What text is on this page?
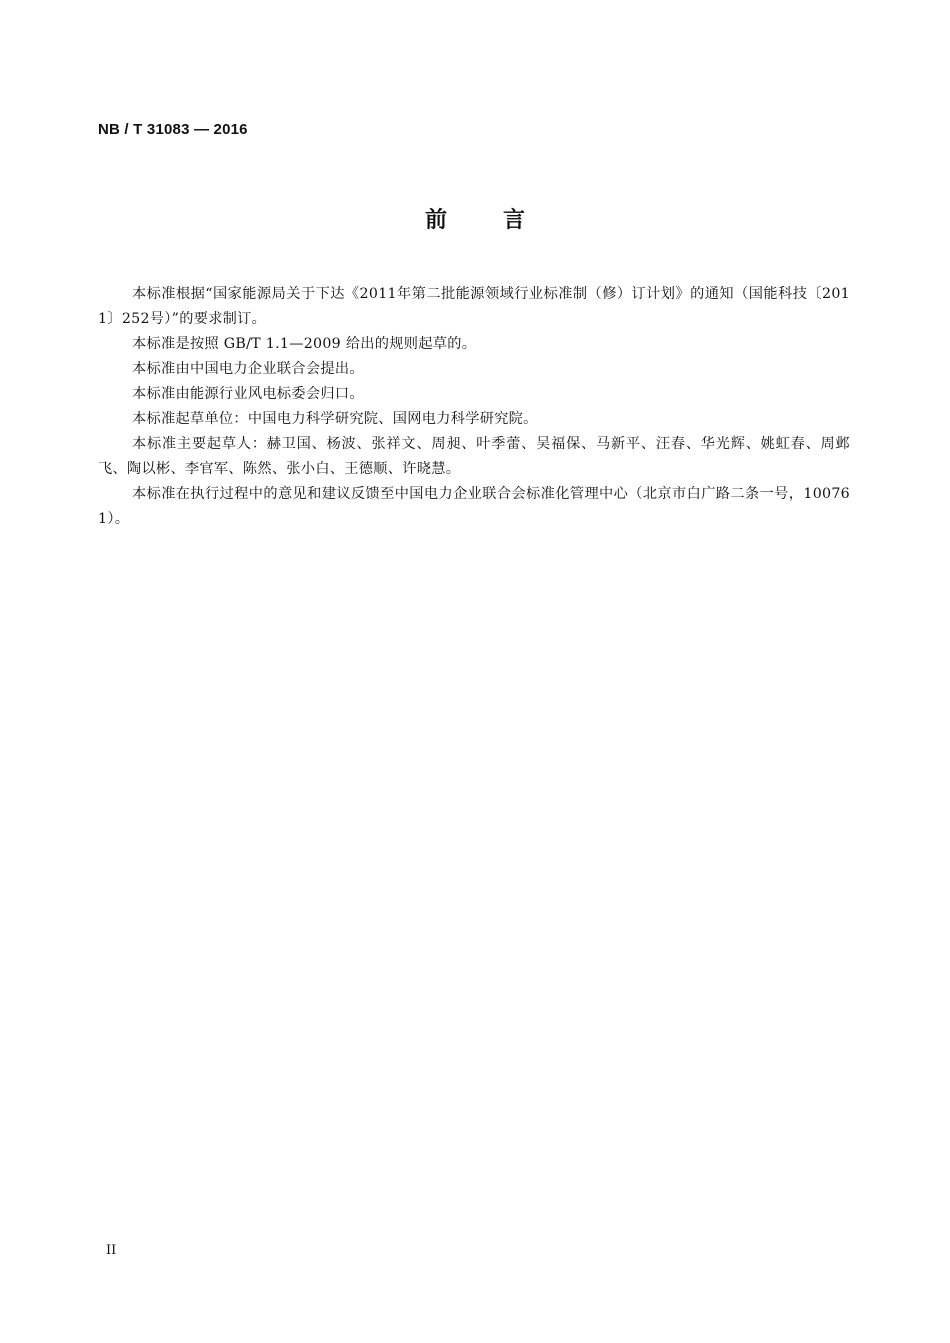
NB / T 31083 — 2016
前	言

本标准根据“国家能源局关于下达《2011年第二批能源领域行业标准制（修）订计划》的通知（国能科技〔2011〕252号）”的要求制订。

本标准是按照 GB/T 1.1—2009 给出的规则起草的。

本标准由中国电力企业联合会提出。

本标准由能源行业风电标委会归口。

本标准起草单位：中国电力科学研究院、国网电力科学研究院。

本标准主要起草人：赫卫国、杨波、张祥文、周昶、叶季蕾、吴福保、马新平、汪春、华光辉、姚虹春、周邺飞、陶以彬、李官军、陈然、张小白、王德顺、许晓慧。

本标准在执行过程中的意见和建议反馈至中国电力企业联合会标准化管理中心（北京市白广路二条一号，100761）。

II
